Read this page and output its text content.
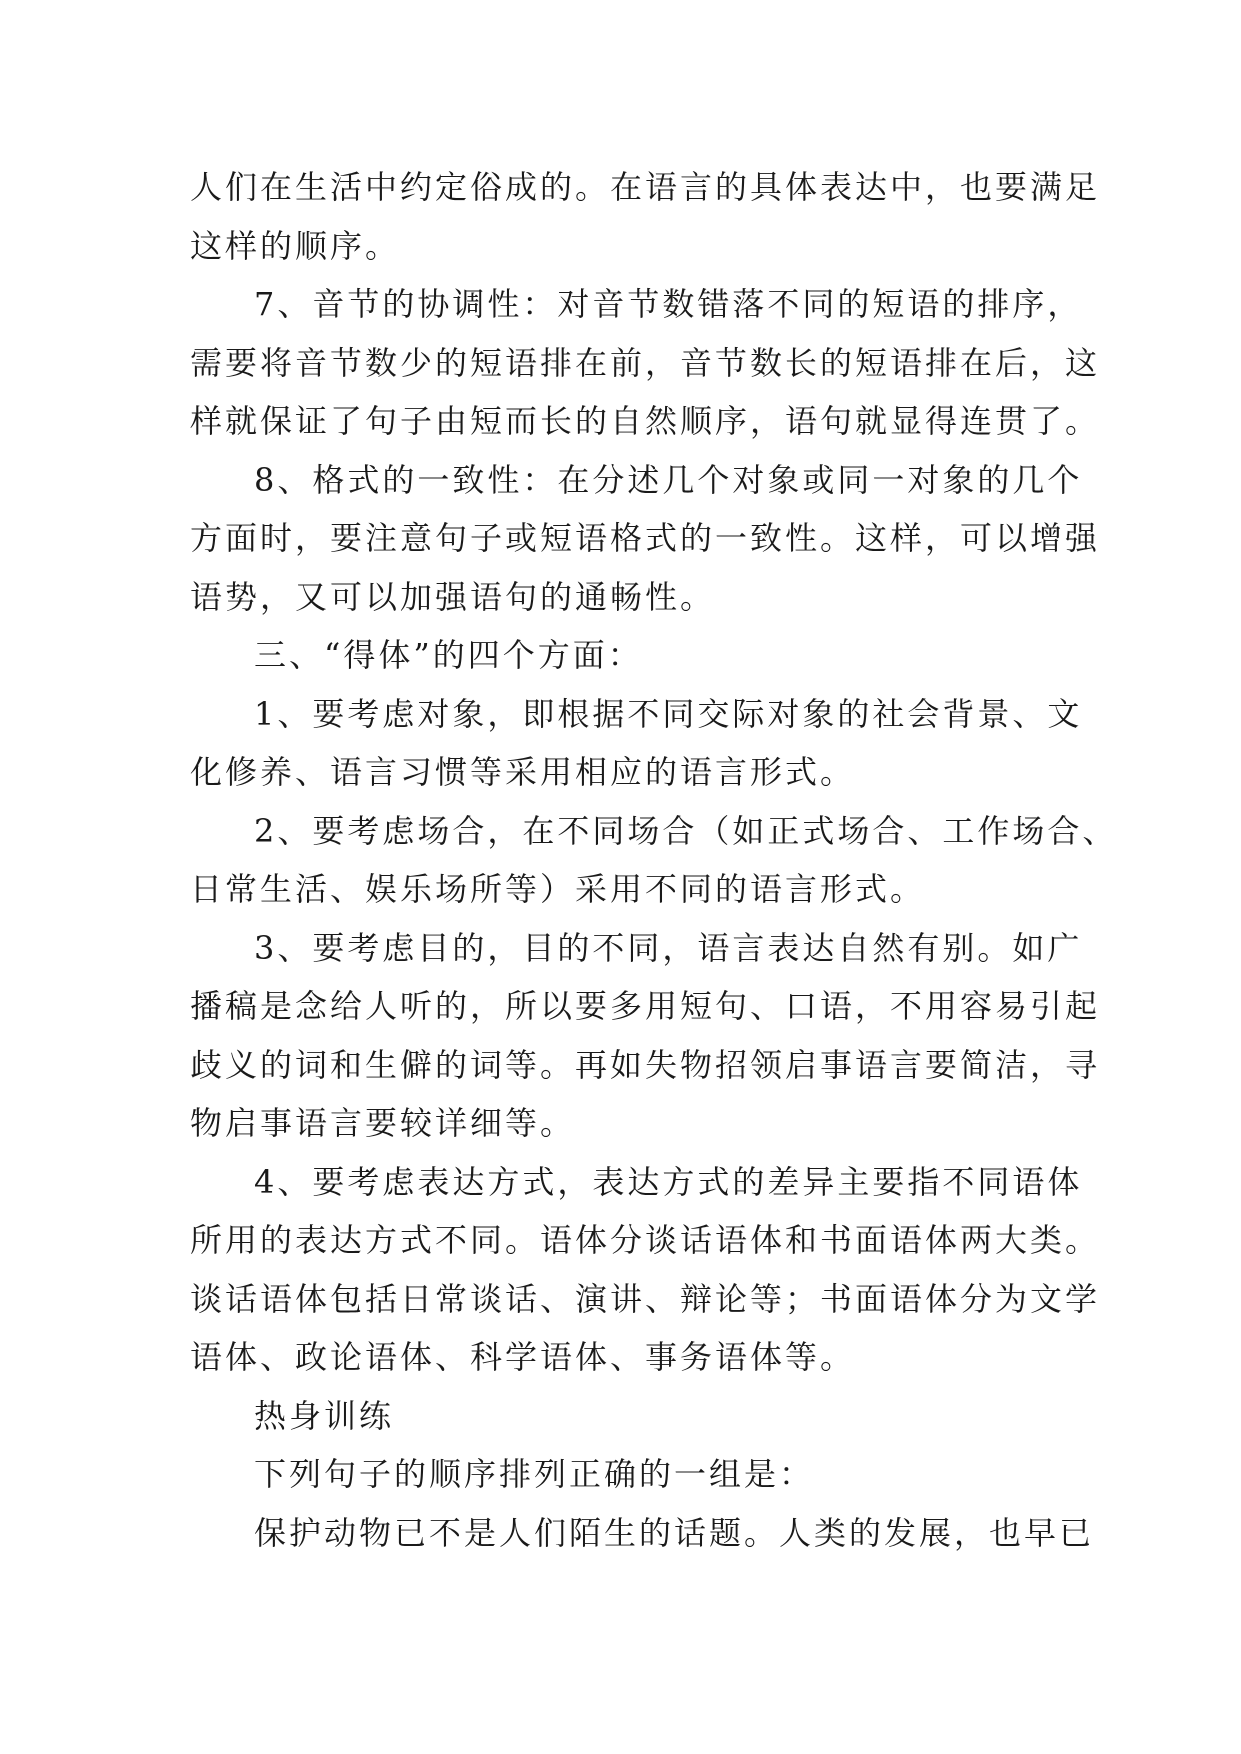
人们在生活中约定俗成的。在语言的具体表达中，也要满足
这样的顺序。
7、音节的协调性：对音节数错落不同的短语的排序，
需要将音节数少的短语排在前，音节数长的短语排在后，这
样就保证了句子由短而长的自然顺序，语句就显得连贯了。
8、格式的一致性：在分述几个对象或同一对象的几个
方面时，要注意句子或短语格式的一致性。这样，可以增强
语势，又可以加强语句的通畅性。
三、“得体”的四个方面：
1、要考虑对象，即根据不同交际对象的社会背景、文
化修养、语言习惯等采用相应的语言形式。
2、要考虑场合，在不同场合（如正式场合、工作场合、
日常生活、娱乐场所等）采用不同的语言形式。
3、要考虑目的，目的不同，语言表达自然有别。如广
播稿是念给人听的，所以要多用短句、口语，不用容易引起
歧义的词和生僻的词等。再如失物招领启事语言要简洁，寻
物启事语言要较详细等。
4、要考虑表达方式，表达方式的差异主要指不同语体
所用的表达方式不同。语体分谈话语体和书面语体两大类。
谈话语体包括日常谈话、演讲、辩论等；书面语体分为文学
语体、政论语体、科学语体、事务语体等。
热身训练
下列句子的顺序排列正确的一组是：
保护动物已不是人们陌生的话题。人类的发展，也早已
